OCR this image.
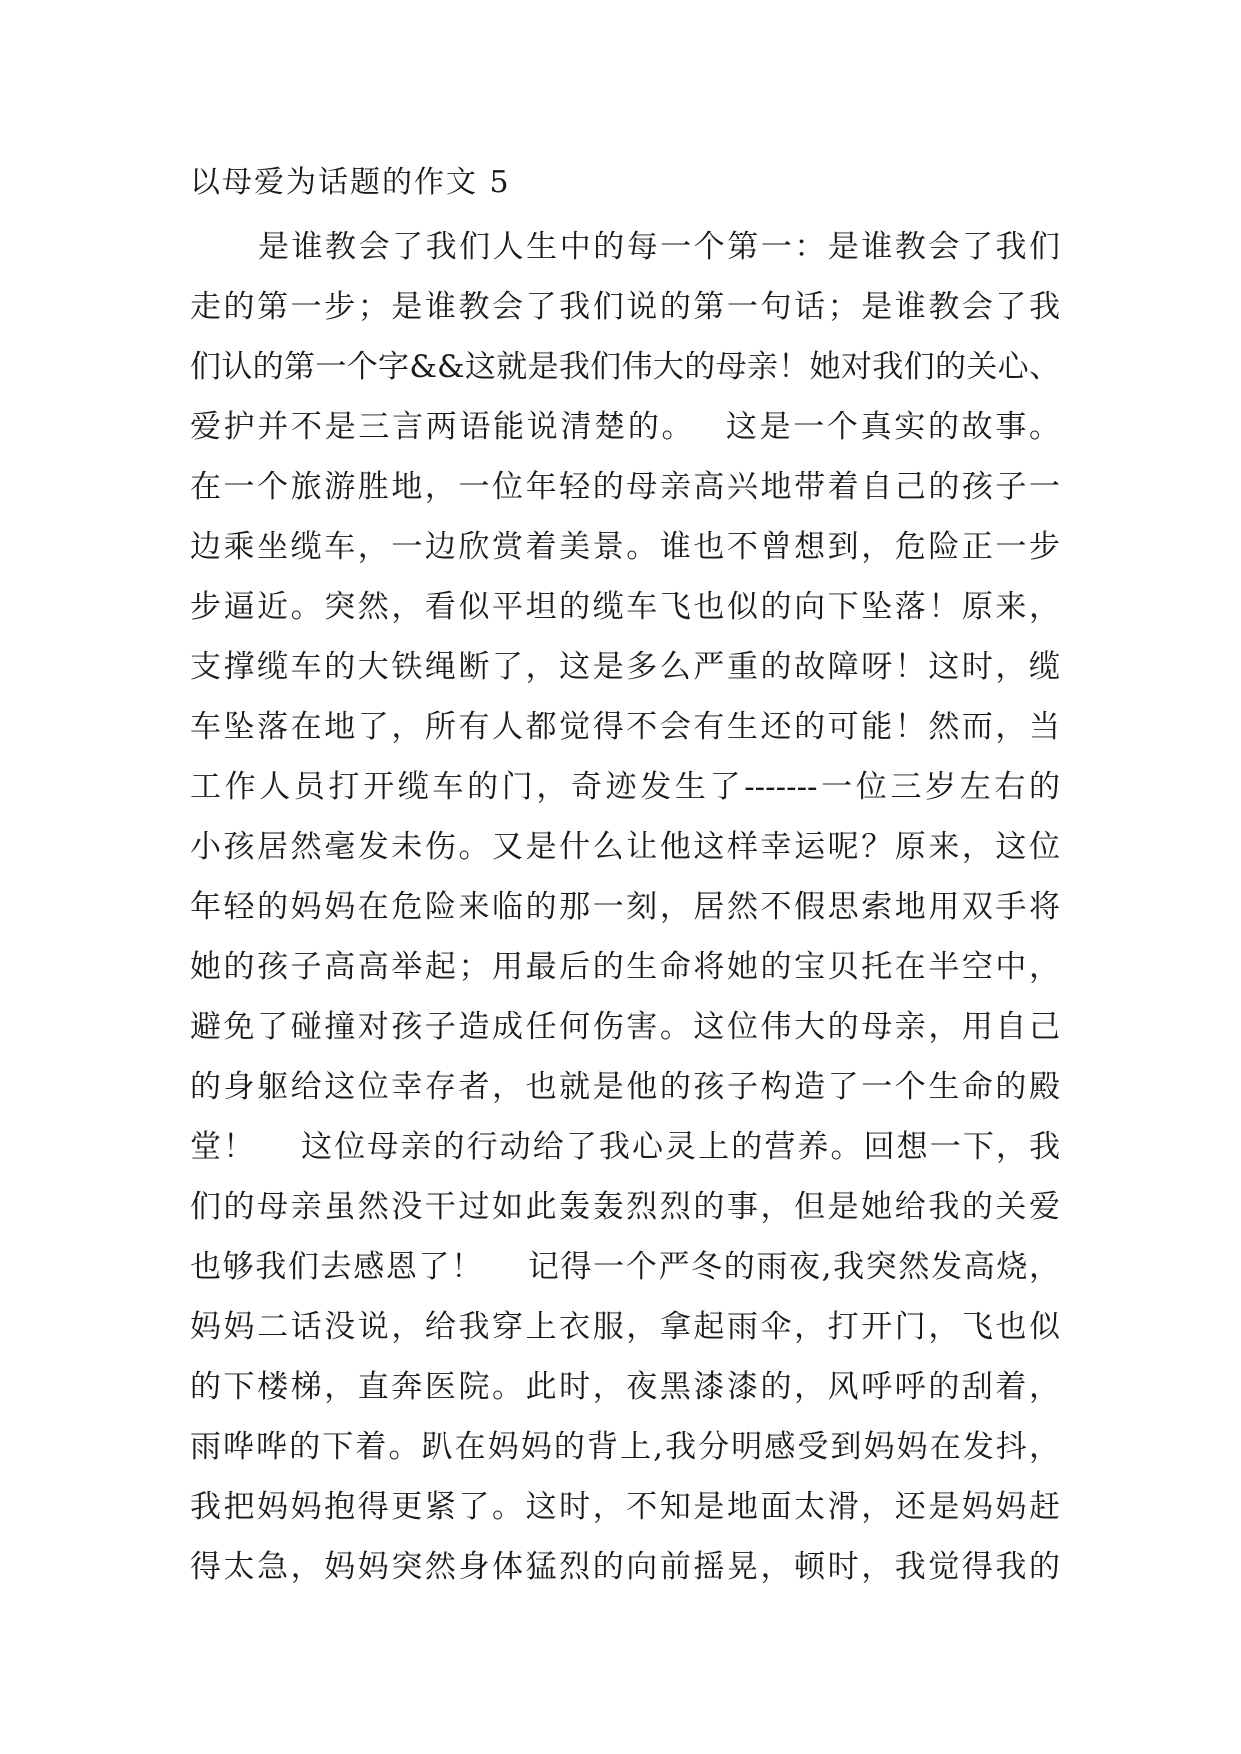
以母爱为话题的作文 5
是谁教会了我们人生中的每一个第一：是谁教会了我们
走的第一步；是谁教会了我们说的第一句话；是谁教会了我
们认的第一个字&&这就是我们伟大的母亲！她对我们的关心、
爱护并不是三言两语能说清楚的。　 这是一个真实的故事。
在一个旅游胜地，一位年轻的母亲高兴地带着自己的孩子一
边乘坐缆车，一边欣赏着美景。谁也不曾想到，危险正一步
步逼近。突然，看似平坦的缆车飞也似的向下坠落！原来，
支撑缆车的大铁绳断了，这是多么严重的故障呀！这时，缆
车坠落在地了，所有人都觉得不会有生还的可能！然而，当
工作人员打开缆车的门，奇迹发生了-------一位三岁左右的
小孩居然毫发未伤。又是什么让他这样幸运呢？原来，这位
年轻的妈妈在危险来临的那一刻，居然不假思索地用双手将
她的孩子高高举起；用最后的生命将她的宝贝托在半空中，
避免了碰撞对孩子造成任何伤害。这位伟大的母亲，用自己
的身躯给这位幸存者，也就是他的孩子构造了一个生命的殿
堂！　 这位母亲的行动给了我心灵上的营养。回想一下，我
们的母亲虽然没干过如此轰轰烈烈的事，但是她给我的关爱
也够我们去感恩了！　 记得一个严冬的雨夜,我突然发高烧，
妈妈二话没说，给我穿上衣服，拿起雨伞，打开门，飞也似
的下楼梯，直奔医院。此时，夜黑漆漆的，风呼呼的刮着，
雨哗哗的下着。趴在妈妈的背上,我分明感受到妈妈在发抖，
我把妈妈抱得更紧了。这时，不知是地面太滑，还是妈妈赶
得太急，妈妈突然身体猛烈的向前摇晃，顿时，我觉得我的
